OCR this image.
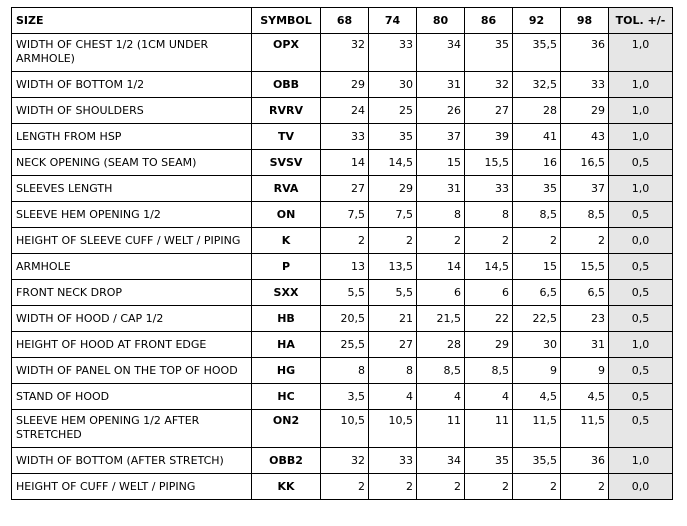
SIZE	SYMBOL	68	74	80	86	92	98	TOL. +/-
WIDTH OF CHEST 1/2 (1CM UNDER ARMHOLE)	OPX	32	33	34	35	35,5	36	1,0
WIDTH OF BOTTOM 1/2	OBB	29	30	31	32	32,5	33	1,0
WIDTH OF SHOULDERS	RVRV	24	25	26	27	28	29	1,0
LENGTH FROM HSP	TV	33	35	37	39	41	43	1,0
NECK OPENING (SEAM TO SEAM)	SVSV	14	14,5	15	15,5	16	16,5	0,5
SLEEVES LENGTH	RVA	27	29	31	33	35	37	1,0
SLEEVE HEM OPENING 1/2	ON	7,5	7,5	8	8	8,5	8,5	0,5
HEIGHT OF SLEEVE CUFF / WELT / PIPING	K	2	2	2	2	2	2	0,0
ARMHOLE	P	13	13,5	14	14,5	15	15,5	0,5
FRONT NECK DROP	SXX	5,5	5,5	6	6	6,5	6,5	0,5
WIDTH OF HOOD / CAP 1/2	HB	20,5	21	21,5	22	22,5	23	0,5
HEIGHT OF HOOD AT FRONT EDGE	HA	25,5	27	28	29	30	31	1,0
WIDTH OF PANEL ON THE TOP OF HOOD	HG	8	8	8,5	8,5	9	9	0,5
STAND OF HOOD	HC	3,5	4	4	4	4,5	4,5	0,5
SLEEVE HEM OPENING 1/2 AFTER STRETCHED	ON2	10,5	10,5	11	11	11,5	11,5	0,5
WIDTH OF BOTTOM (AFTER STRETCH)	OBB2	32	33	34	35	35,5	36	1,0
HEIGHT OF CUFF / WELT / PIPING	KK	2	2	2	2	2	2	0,0
